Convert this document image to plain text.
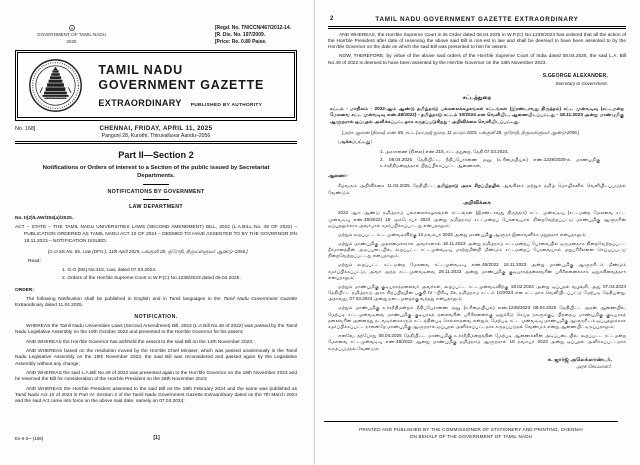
GOVERNMENT OF TAMIL NADU
2025
[Regd. No. TN/CCN/467/2012-14.
[R. Dis. No. 197/2009.
[Price: Re. 0.80 Paise.
TAMIL NADU
GOVERNMENT GAZETTE
EXTRAORDINARY PUBLISHED BY AUTHORITY
No. 168]	CHENNAI, FRIDAY, APRIL 11, 2025
Panguni 28, Kurothi, Thiruvalluvar Aandu–2056
Part II—Section 2
Notifications or Orders of interest to a Section of the public issued by Secretariat Departments.
NOTIFICATIONS BY GOVERNMENT
LAW DEPARTMENT
No. II(2)/LAW/304(a)/2025.
ACT – STATE – THE TAMIL NADU UNIVERSITIES LAWS (SECOND AMENDMENT) BILL, 2022 (L.A.BILL No. 48 OF 2022) – PUBLICATION ORDERED AS TAMIL NADU ACT 10 OF 2024 – DEEMED TO HAVE ASSENTED TO BY THE GOVERNOR ON 18.11.2023 – NOTIFICATION ISSUED.
[G.O.Ms.No. 86, Law (DFG.), 11th April 2025, பங்குனி 28, குரோதி, திருவள்ளுவர் ஆண்டு–2056.]
Read:
1. G.O.(Ms).No.315, Law, dated 07.03.2024.
2. Orders of the Hon'ble Supreme Court in W.P.(C) No.1239/2023 dated 08.04.2025.
ORDER:
The following Notification shall be published in English and in Tamil languages in the Tamil Nadu Government Gazette Extraordinary dated 11.04.2025.
NOTIFICATION.
WHEREAS the Tamil Nadu Universities Laws (Second Amendment) Bill, 2022 (L.A.Bill No.48 of 2022) was passed by the Tamil Nadu Legislative Assembly on the 19th October 2022 and presented to the Hon'ble Governor for his assent;
AND WHEREAS the Hon'ble Governor has withheld the assent to the said Bill on the 13th November 2023;
AND WHEREAS based on the resolution moved by the Hon'ble Chief Minister, which was passed unanimously in the Tamil Nadu Legislative Assembly on the 18th November 2023, the said Bill was reconsidered and passed again by the Legislative Assembly without any change;
AND WHEREAS the said L.A.Bill No.48 of 2022 was presented again to the Hon'ble Governor on the 18th November 2023 and he reserved the Bill for consideration of the Hon'ble President on the 28th November 2023;
AND WHEREAS the Hon'ble President assented to the said Bill on the 18th February 2024 and the same was published as Tamil Nadu Act 10 of 2024 in Part IV- Section 2 of the Tamil Nadu Government Gazette Extraordinary dated on the 7th March 2024 and the said Act came into force on the above said date, namely on 07.03.2024;
Ex-II-2—(168)	[1]
2	TAMIL NADU GOVERNMENT GAZETTE EXTRAORDINARY
AND WHEREAS, the Hon'ble Supreme Court in its Order dated 08.04.2025 in W.P.(C) No.1239/2023 has ordered that all the action of the Hon'ble President after date of reserving the above said Bill is non-est in law and shall be deemed to have been assented to by the Hon'ble Governor on the date on which the said Bill was presented to him for assent.
NOW, THEREFORE, by virtue of the above said orders of the Hon'ble Supreme Court of India dated 08.04.2025, the said L.A. Bill No.48 of 2022 is deemed to have been assented by the Hon'ble Governor on the 18th November 2023.
S.GEORGE ALEXANDER,
Secretary to Government.
சட்டத்துறை
சட்டம் - மாநிலம் - 2022-ஆம் ஆண்டு தமிழ்நாடு பல்கலைக்கழகங்கள் சட்டங்கள் (இரண்டாவது திருத்தம்) சட்ட முன்வடிவு (சட்டமன்ற மேலவை சட்ட முன்வடிவு எண்.48/2022) - தமிழ்நாடு சட்டம் 10/2024 என வெளியிட, ஆணையிடப்பட்டது - 18.11.2023 அன்று மாண்புமிகு ஆளுநரால் ஒப்புதல் அளிக்கப்பட்டதாக கருதப்படுகிறது - அறிவிக்கை வெளியிடப்பட்டது.
[அரசு ஆணை (நிலை) எண். 86, சட்ட (மாஅத) துறை, 11 ஏப்ரல் 2025, பங்குனி 28, குரோதி, திருவள்ளுவர் ஆண்டு-2056.]
படிக்கப்பட்டது:
1. அரசாணை (நிலை) எண்.315, சட்டத்துறை, தேதி 07.03.2024.
2. 08.04.2025 தேதியிட்ட, நீதிப்பேராணை மனு (உரிமையியல்) எண்.1239/2025-ல் மாண்புமிகு உச்சநீதிமன்றத்தால் பிறப்பிக்கப்பட்ட ஆணைகள்,
ஆணை:-
கீழ்வரும் அறிவிக்கை 11.04.2025 தேதியிட்ட தமிழ்நாடு அரசு சிறப்பிதழில் ஆங்கிலம் மற்றும் தமிழ் மொழிகளில் வெளியிடப்படுதல் வேண்டும்.
அறிவிக்கை
2022 ஆம் ஆண்டு தமிழ்நாடு பல்கலைக்கழகங்கள் சட்டங்கள் (இரண்டாவது திருத்தம்) சட்ட முன்வடிவு (சட்டமன்ற மேலவை சட்ட முன்வடிவு எண்.48/2022) 19 அக்டோபர் 2022 அன்று தமிழ்நாடு சட்டமன்றப் பேரவையால் நிறைவேற்றப்பட்டு மாண்புமிகு ஆளுநரின் ஒப்புதலுக்காக அவர்பால் சமர்ப்பிக்கப்பட்டது என்பதாலும்;
மற்றும் கூறப்பட்ட சட்டமுன்வடிவிற்கு 13 நவம்பர் 2023 அன்று மாண்புமிகு ஆளுநர் இசைவளிக்க மறுத்தார் என்பதாலும்;
மற்றும் மாண்புமிகு முதலமைச்சரால் அவர்களால் 18.11.2023 அன்று தமிழ்நாடு சட்டமன்றப் பேரவையில் ஒருமனதாக நிறைவேற்றப்பட்ட தீர்மானத்தின் அடிப்படையில், கூறப்பட்ட சட்டமுன்வடிவு மாற்றமின்றி மீண்டும் சட்டமன்றப் பேரவையால் மறுபரிசீலனை செய்யப்பட்டு நிறைவேற்றப்பட்டது என்பதாலும்;
மற்றும் கூறப்பட்ட சட்டமன்ற மேலவை சட்டமுன்வடிவு எண்.48/2022 18.11.2023 அன்று மாண்புமிகு ஆளுநரிடம் மீண்டும் சமர்ப்பிக்கப்பட்டு, அவர் அந்த சட்டமுன்வடிவை 28.11.2023 அன்று மாண்புமிகு குடியரசுத்தலைவரின் பரிசீலனைக்காக ஒதுக்கிவைத்தார் என்பதாலும்;
மற்றும் மாண்புமிகு குடியரசுத்தலைவர் அவர்கள், கூறப்பட்ட சட்டமுன்வடிவிற்கு 18.02.2024 அன்று ஒப்புதல் வழங்கி, அது 07.03.2024 தேதியிட்ட தமிழ்நாடு அரசு சிறப்பிதழின் பகுதி IV –பிரிவு 2ல் தமிழ்நாடு சட்டம் 10/2024 என சட்டமாக வெளியிடப்பட்டு மேற்படி தேதியன்று, அதாவது, 07.03.2024 அன்று நடைமுறைக்கு வந்தது என்பதாலும்;
மற்றும் மாண்புமிகு உச்சநீதிமன்றம் நீதிப்பேராணை மனு (உரிமையியல்) எண்.1239/2023 08.04.2025 தேதியிட்ட அதன் ஆணையில், மேற்படி சட்டமுன்வடிவை மாண்புமிகு குடியரசுத் தலைவரின் பரிசீலனைக்கு ஒதுக்கீடு செய்த நாளுக்குப் பிந்தைய மாண்புமிகு குடியரசுத் தலைவரின் அனைத்து நடவடிக்கைகளும் சட்டத்தின்படி செல்லாதவை என்றும், மேற்படி சட்ட முன்வடிவு மாண்புமிகு ஆளுநரிடம் ஒப்புதலுக்காக சமர்ப்பிக்கப்பட்ட நாளன்றே மாண்புமிகு ஆளுநரால் ஒப்புதல் அளிக்கப்பட்டதாக கருதப்படுதல் வேண்டும் என்று ஆணையிட்டிருப்பதாலும்;
எனவே, தற்போது 08.04.2025 தேதியிட்ட மாண்புமிகு உச்சநீதிமன்றத்தின் மேற்படி ஆணைகளின் அடிப்படையில், கூறப்பட்ட சட்டமன்ற மேலவை சட்டமுன்வடிவு எண்.48/2022 ஆனது மாண்புமிகு தமிழ்நாடு ஆளுநரால் 18 நவம்பர் 2023 அன்று ஒப்புதல் அளிக்கப்பட்டதாக கருதப்படுதல் வேண்டும்.
சு. ஜார்ஜ் அலெக்ஸாண்டர்,
அரசு செயலாளர்.
PRINTED AND PUBLISHED BY THE COMMISSIONER OF STATIONERY AND PRINTING, CHENNAI
ON BEHALF OF THE GOVERNMENT OF TAMIL NADU
